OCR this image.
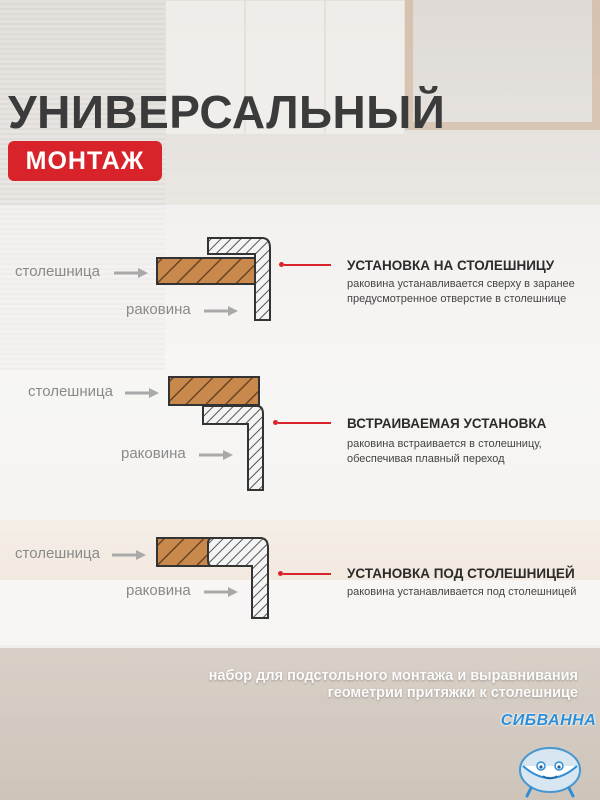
УНИВЕРСАЛЬНЫЙ
МОНТАЖ
столешница
раковина
УСТАНОВКА НА СТОЛЕШНИЦУ
раковина устанавливается сверху в заранее предусмотренное отверстие в столешнице
столешница
раковина
ВСТРАИВАЕМАЯ УСТАНОВКА
раковина встраивается в столешницу, обеспечивая плавный переход
столешница
раковина
УСТАНОВКА ПОД СТОЛЕШНИЦЕЙ
раковина устанавливается под столешницей
набор для подстольного монтажа и выравнивания
геометрии притяжки к столешнице
СИБВАННА
